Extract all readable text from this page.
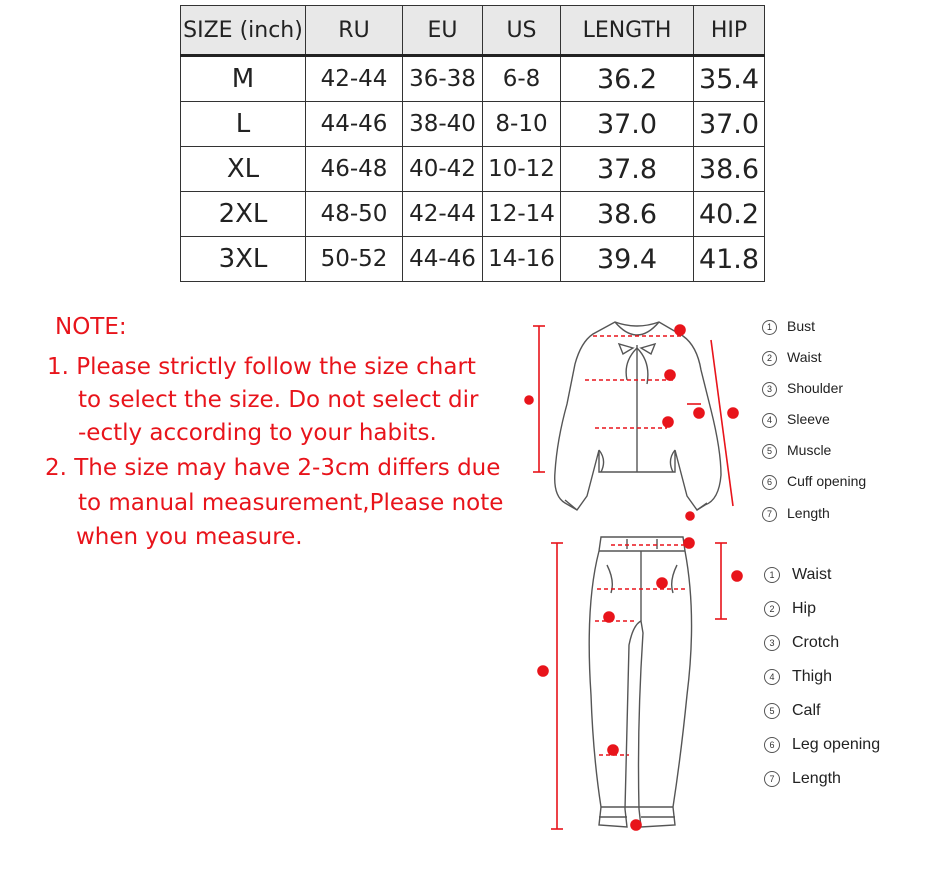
SIZE (inch)	RU	EU	US	LENGTH	HIP
M	42-44	36-38	6-8	36.2	35.4
L	44-46	38-40	8-10	37.0	37.0
XL	46-48	40-42	10-12	37.8	38.6
2XL	48-50	42-44	12-14	38.6	40.2
3XL	50-52	44-46	14-16	39.4	41.8
NOTE:
1. Please strictly follow the size chart
to select the size. Do not select dir
-ectly according to your habits.
2. The size may have 2-3cm differs due
to manual measurement,Please note
when you measure.
1 Bust
2 Waist
3 Shoulder
4 Sleeve
5 Muscle
6 Cuff opening
7 Length
1 Waist
2 Hip
3 Crotch
4 Thigh
5 Calf
6 Leg opening
7 Length
